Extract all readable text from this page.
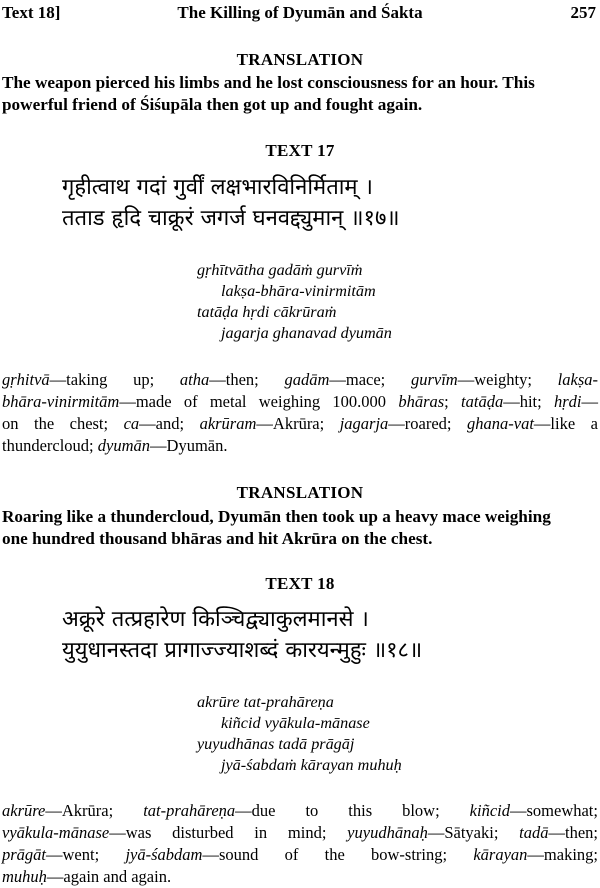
Text 18]	The Killing of Dyumān and Śakta	257
TRANSLATION
The weapon pierced his limbs and he lost consciousness for an hour. This
powerful friend of Śiśupāla then got up and fought again.
TEXT 17
गृहीत्वाथ गदां गुर्वीं लक्षभारविनिर्मिताम् ।
तताड हृदि चाक्रूरं जगर्ज घनवद्द्युमान् ॥१७॥
gṛhītvātha gadāṁ gurvīṁ
lakṣa-bhāra-vinirmitām
tatāḍa hṛdi cākrūraṁ
jagarja ghanavad dyumān
gṛhitvā—taking up; atha—then; gadām—mace; gurvīm—weighty; lakṣa-
bhāra-vinirmitām—made of metal weighing 100.000 bhāras; tatāḍa—hit; hṛdi—
on the chest; ca—and; akrūram—Akrūra; jagarja—roared; ghana-vat—like a
thundercloud; dyumān—Dyumān.
TRANSLATION
Roaring like a thundercloud, Dyumān then took up a heavy mace weighing
one hundred thousand bhāras and hit Akrūra on the chest.
TEXT 18
अक्रूरे तत्प्रहारेण किञ्चिद्व्याकुलमानसे ।
युयुधानस्तदा प्रागाज्ज्याशब्दं कारयन्मुहुः ॥१८॥
akrūre tat-prahāreṇa
kiñcid vyākula-mānase
yuyudhānas tadā prāgāj
jyā-śabdaṁ kārayan muhuḥ
akrūre—Akrūra; tat-prahāreṇa—due to this blow; kiñcid—somewhat;
vyākula-mānase—was disturbed in mind; yuyudhānaḥ—Sātyaki; tadā—then;
prāgāt—went; jyā-śabdam—sound of the bow-string; kārayan—making;
muhuḥ—again and again.
